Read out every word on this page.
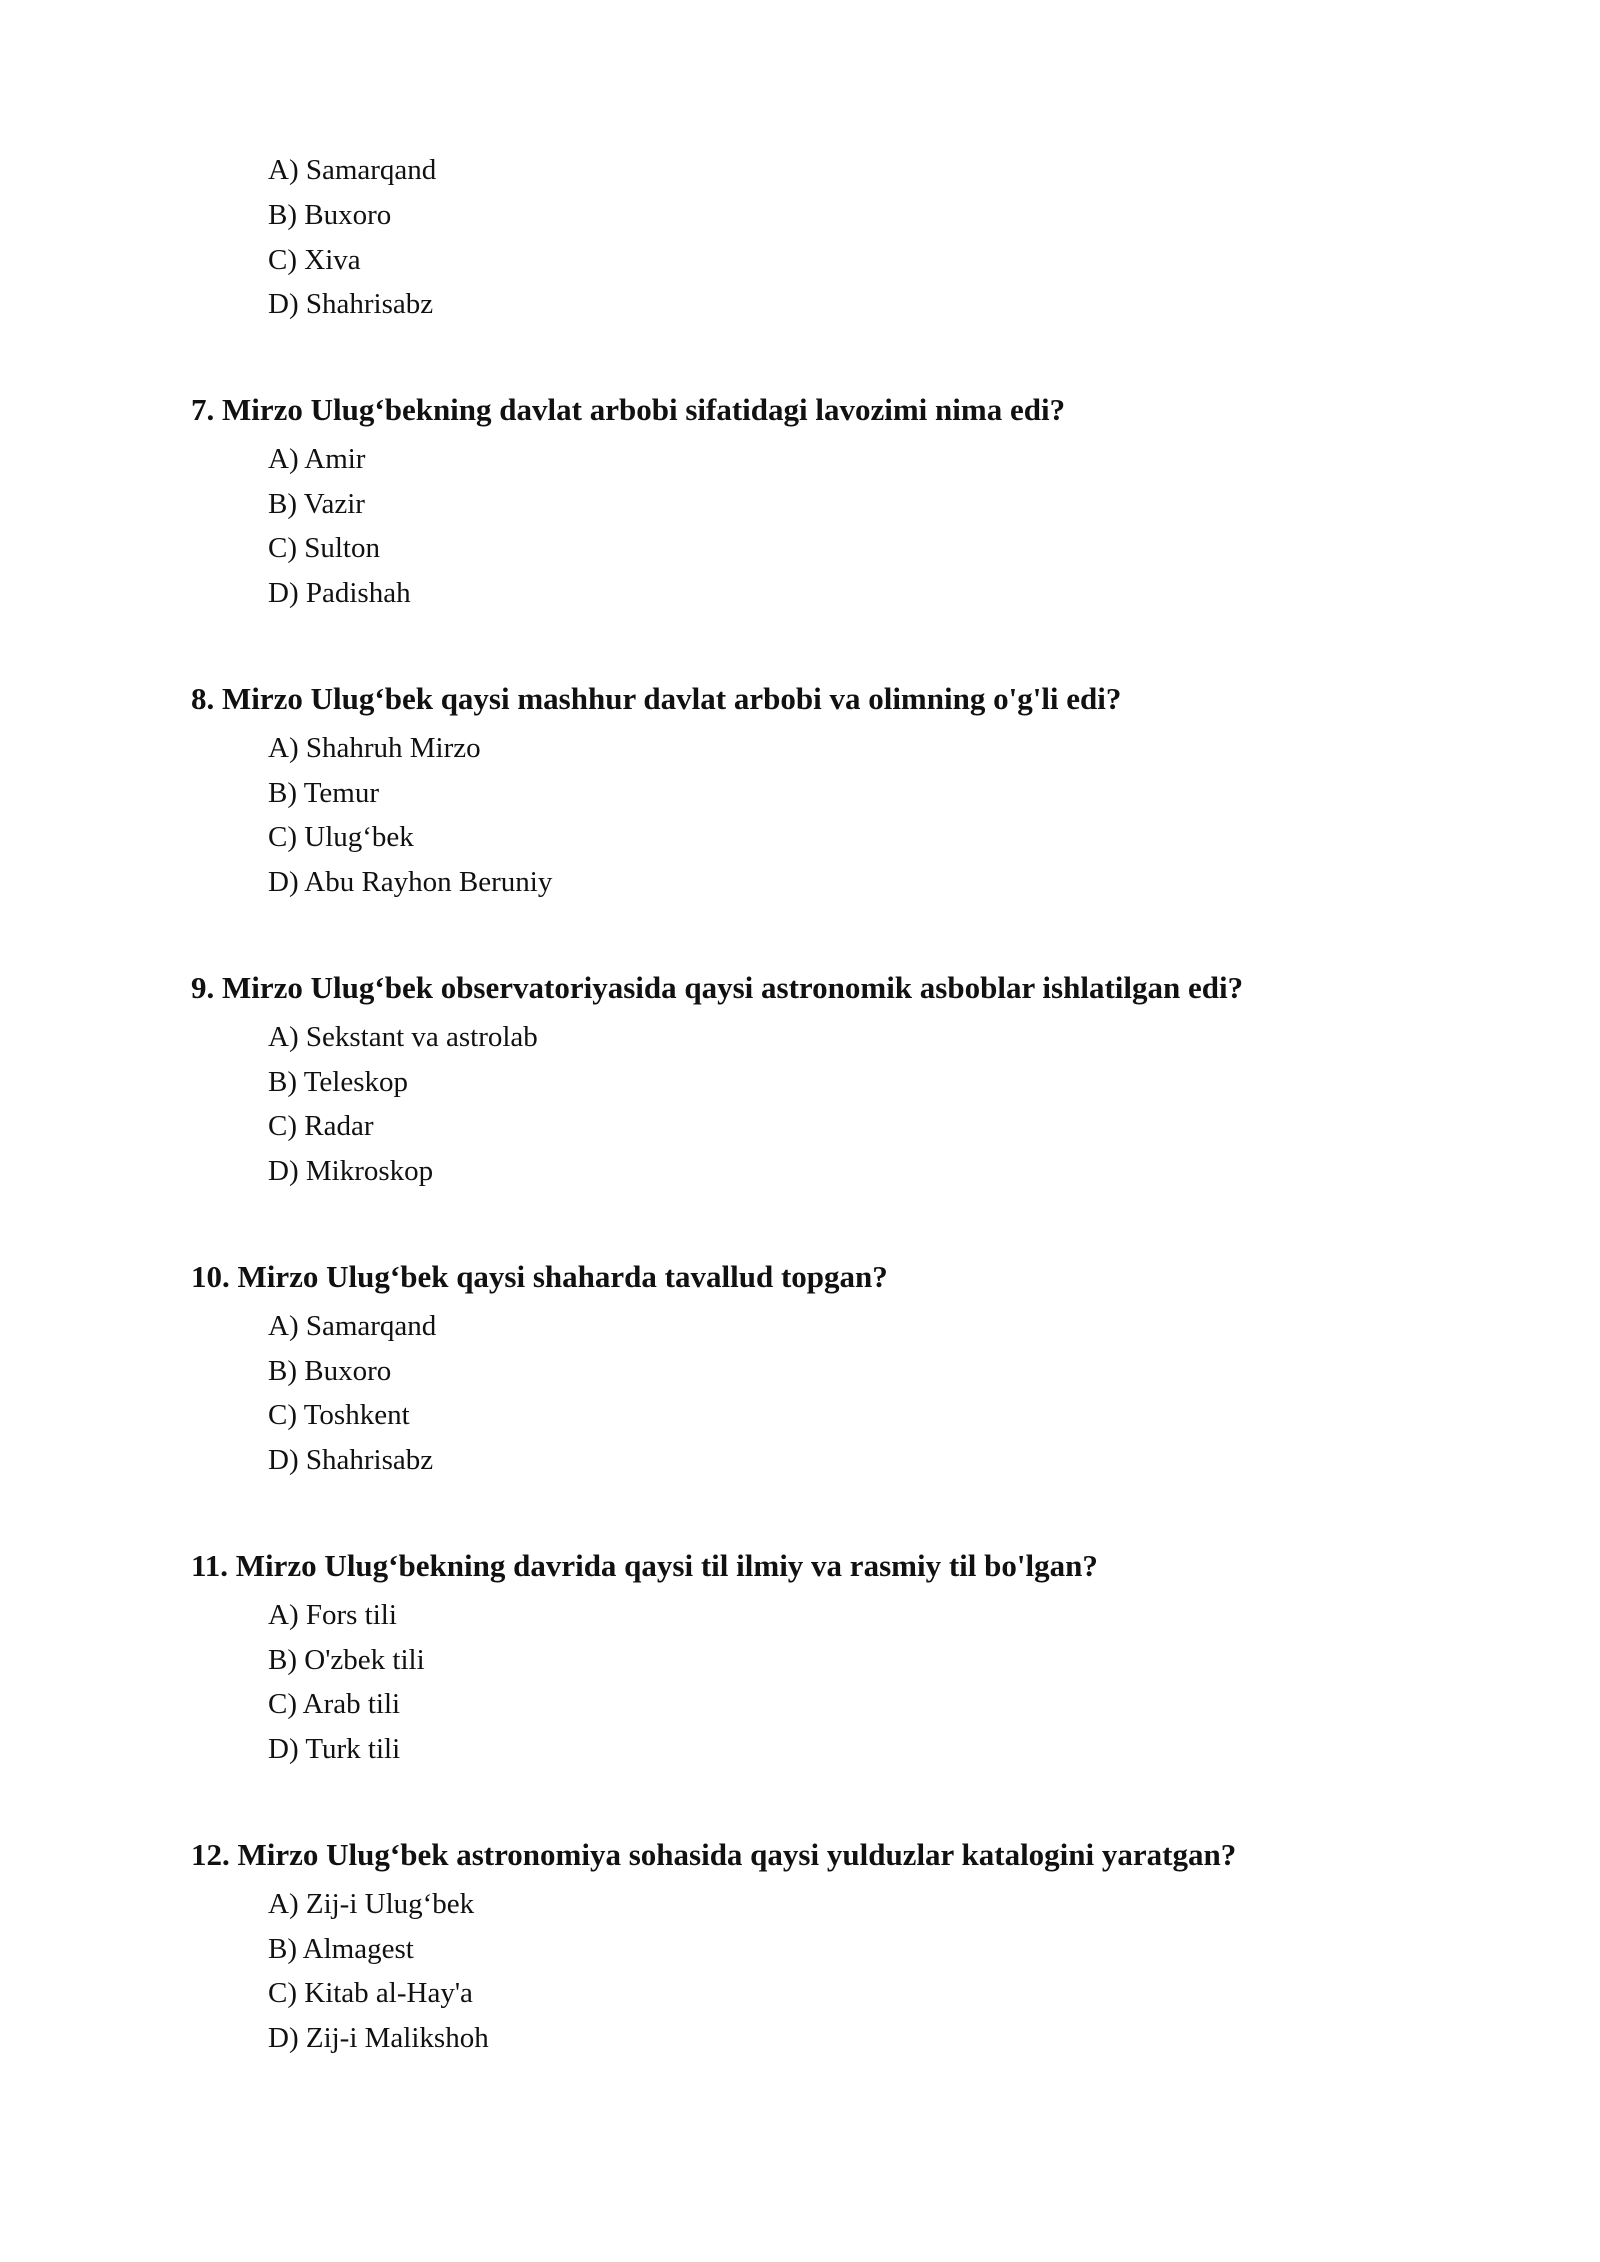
A) Samarqand
B) Buxoro
C) Xiva
D) Shahrisabz
7. Mirzo Ulug‘bekning davlat arbobi sifatidagi lavozimi nima edi?
A) Amir
B) Vazir
C) Sulton
D) Padishah
8. Mirzo Ulug‘bek qaysi mashhur davlat arbobi va olimning o'g'li edi?
A) Shahruh Mirzo
B) Temur
C) Ulug‘bek
D) Abu Rayhon Beruniy
9. Mirzo Ulug‘bek observatoriyasida qaysi astronomik asboblar ishlatilgan edi?
A) Sekstant va astrolab
B) Teleskop
C) Radar
D) Mikroskop
10. Mirzo Ulug‘bek qaysi shaharda tavallud topgan?
A) Samarqand
B) Buxoro
C) Toshkent
D) Shahrisabz
11. Mirzo Ulug‘bekning davrida qaysi til ilmiy va rasmiy til bo'lgan?
A) Fors tili
B) O'zbek tili
C) Arab tili
D) Turk tili
12. Mirzo Ulug‘bek astronomiya sohasida qaysi yulduzlar katalogini yaratgan?
A) Zij-i Ulug‘bek
B) Almagest
C) Kitab al-Hay'a
D) Zij-i Malikshoh
